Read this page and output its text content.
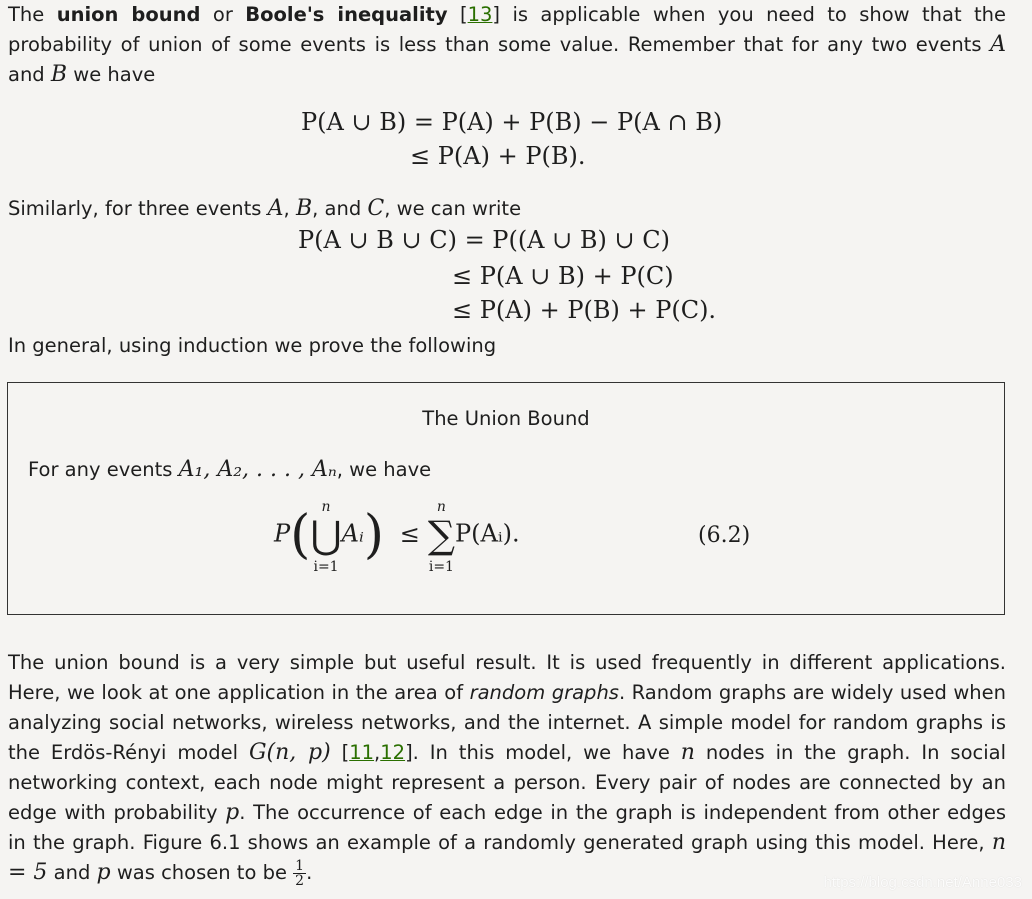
The union bound or Boole's inequality [13] is applicable when you need to show that the probability of union of some events is less than some value. Remember that for any two events A and B we have
P(A ∪ B) = P(A) + P(B) − P(A ∩ B)
≤ P(A) + P(B).
Similarly, for three events A, B, and C, we can write
P(A ∪ B ∪ C) = P((A ∪ B) ∪ C)
≤ P(A ∪ B) + P(C)
≤ P(A) + P(B) + P(C).
In general, using induction we prove the following
The Union Bound
For any events A₁, A₂, . . . , Aₙ, we have
P( n
⋃
i=1
Aᵢ) ≤
n
∑
i=1
P(Aᵢ).	(6.2)
The union bound is a very simple but useful result. It is used frequently in different applications. Here, we look at one application in the area of random graphs. Random graphs are widely used when analyzing social networks, wireless networks, and the internet. A simple model for random graphs is the Erdös-Rényi model G(n, p) [11,12]. In this model, we have n nodes in the graph. In social networking context, each node might represent a person. Every pair of nodes are connected by an edge with probability p. The occurrence of each edge in the graph is independent from other edges in the graph. Figure 6.1 shows an example of a randomly generated graph using this model. Here, n = 5 and p was chosen to be $\frac{1}{2}$ .	https://blog.csdn.net/Anne033
